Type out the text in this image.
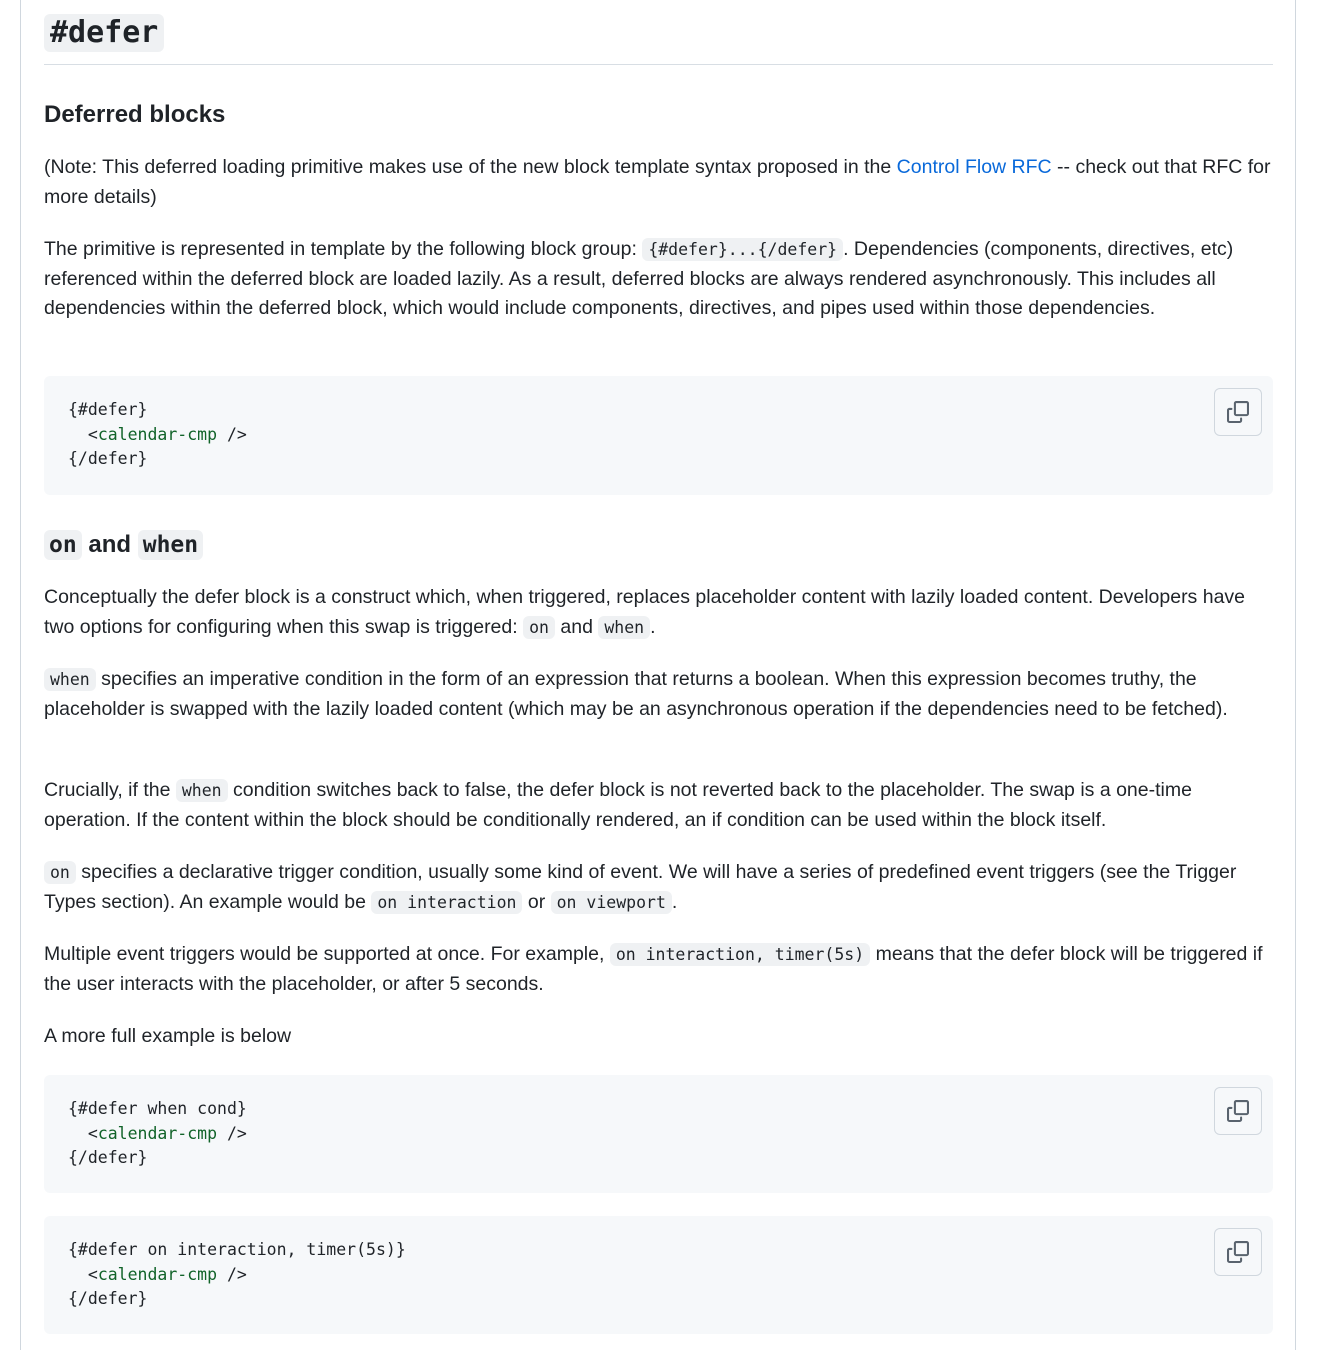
#defer
Deferred blocks

(Note: This deferred loading primitive makes use of the new block template syntax proposed in the Control Flow RFC -- check out that RFC for more details)

The primitive is represented in template by the following block group: {#defer}...{/defer} . Dependencies (components, directives, etc) referenced within the deferred block are loaded lazily. As a result, deferred blocks are always rendered asynchronously. This includes all dependencies within the deferred block, which would include components, directives, and pipes used within those dependencies.

{#defer}
<calendar-cmp />
{/defer}
on and when

Conceptually the defer block is a construct which, when triggered, replaces placeholder content with lazily loaded content. Developers have two options for configuring when this swap is triggered: on and when .

when specifies an imperative condition in the form of an expression that returns a boolean. When this expression becomes truthy, the placeholder is swapped with the lazily loaded content (which may be an asynchronous operation if the dependencies need to be fetched).

Crucially, if the when condition switches back to false, the defer block is not reverted back to the placeholder. The swap is a one-time operation. If the content within the block should be conditionally rendered, an if condition can be used within the block itself.

on specifies a declarative trigger condition, usually some kind of event. We will have a series of predefined event triggers (see the Trigger Types section). An example would be on interaction or on viewport .

Multiple event triggers would be supported at once. For example, on interaction, timer(5s) means that the defer block will be triggered if the user interacts with the placeholder, or after 5 seconds.

A more full example is below

{#defer when cond}
<calendar-cmp />
{/defer}
{#defer on interaction, timer(5s)}
<calendar-cmp />
{/defer}
